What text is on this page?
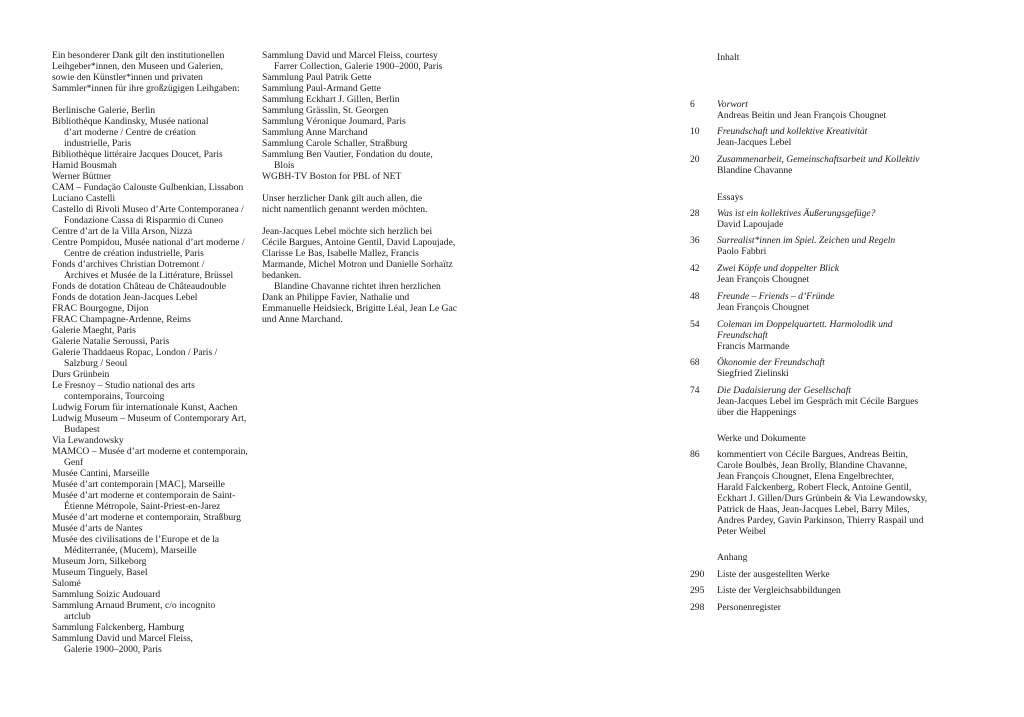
Ein besonderer Dank gilt den institutionellen
Leihgeber*innen, den Museen und Galerien,
sowie den Künstler*innen und privaten
Sammler*innen für ihre großzügigen Leihgaben:
Berlinische Galerie, Berlin
Bibliothèque Kandinsky, Musée national
d’art moderne / Centre de création
industrielle, Paris
Bibliothèque littéraire Jacques Doucet, Paris
Hamid Bousmah
Werner Büttner
CAM – Fundação Calouste Gulbenkian, Lissabon
Luciano Castelli
Castello di Rivoli Museo d’Arte Contemporanea /
Fondazione Cassa di Risparmio di Cuneo
Centre d’art de la Villa Arson, Nizza
Centre Pompidou, Musée national d’art moderne /
Centre de création industrielle, Paris
Fonds d’archives Christian Dotremont /
Archives et Musée de la Littérature, Brüssel
Fonds de dotation Château de Châteaudouble
Fonds de dotation Jean-Jacques Lebel
FRAC Bourgogne, Dijon
FRAC Champagne-Ardenne, Reims
Galerie Maeght, Paris
Galerie Natalie Seroussi, Paris
Galerie Thaddaeus Ropac, London / Paris /
Salzburg / Seoul
Durs Grünbein
Le Fresnoy – Studio national des arts
contemporains, Tourcoing
Ludwig Forum für internationale Kunst, Aachen
Ludwig Museum – Museum of Contemporary Art,
Budapest
Via Lewandowsky
MAMCO – Musée d’art moderne et contemporain,
Genf
Musée Cantini, Marseille
Musée d’art contemporain [MAC], Marseille
Musée d’art moderne et contemporain de Saint-
Étienne Métropole, Saint-Priest-en-Jarez
Musée d’art moderne et contemporain, Straßburg
Musée d’arts de Nantes
Musée des civilisations de l’Europe et de la
Méditerranée, (Mucem), Marseille
Museum Jorn, Silkeborg
Museum Tinguely, Basel
Salomé
Sammlung Soizic Audouard
Sammlung Arnaud Brument, c/o incognito
artclub
Sammlung Falckenberg, Hamburg
Sammlung David und Marcel Fleiss,
Galerie 1900–2000, Paris
Sammlung David und Marcel Fleiss, courtesy
Farrer Collection, Galerie 1900–2000, Paris
Sammlung Paul Patrik Gette
Sammlung Paul-Armand Gette
Sammlung Eckhart J. Gillen, Berlin
Sammlung Grässlin, St. Georgen
Sammlung Véronique Joumard, Paris
Sammlung Anne Marchand
Sammlung Carole Schaller, Straßburg
Sammlung Ben Vautier, Fondation du doute,
Blois
WGBH-TV Boston for PBL of NET
Unser herzlicher Dank gilt auch allen, die
nicht namentlich genannt werden möchten.
Jean-Jacques Lebel möchte sich herzlich bei
Cécile Bargues, Antoine Gentil, David Lapoujade,
Clarisse Le Bas, Isabelle Mallez, Francis
Marmande, Michel Motron und Danielle Sorhaïtz
bedanken.
Blandine Chavanne richtet ihren herzlichen
Dank an Philippe Favier, Nathalie und
Emmanuelle Heidsieck, Brigitte Léal, Jean Le Gac
und Anne Marchand.
Inhalt
6	Vorwort
Andreas Beitin und Jean François Chougnet
10	Freundschaft und kollektive Kreativität
Jean-Jacques Lebel
20	Zusammenarbeit, Gemeinschaftsarbeit und Kollektiv
Blandine Chavanne
Essays
28	Was ist ein kollektives Äußerungsgefüge?
David Lapoujade
36	Surrealist*innen im Spiel. Zeichen und Regeln
Paolo Fabbri
42	Zwei Köpfe und doppelter Blick
Jean François Chougnet
48	Freunde – Friends – d’Fründe
Jean François Chougnet
54	Coleman im Doppelquartett. Harmolodik und
Freundschaft
Francis Marmande
68	Ökonomie der Freundschaft
Siegfried Zielinski
74	Die Dadaisierung der Gesellschaft
Jean-Jacques Lebel im Gespräch mit Cécile Bargues
über die Happenings
Werke und Dokumente
86	kommentiert von Cécile Bargues, Andreas Beitin,
Carole Boulbès, Jean Brolly, Blandine Chavanne,
Jean François Chougnet, Elena Engelbrechter,
Harald Falckenberg, Robert Fleck, Antoine Gentil,
Eckhart J. Gillen/Durs Grünbein & Via Lewandowsky,
Patrick de Haas, Jean-Jacques Lebel, Barry Miles,
Andres Pardey, Gavin Parkinson, Thierry Raspail und
Peter Weibel
Anhang
290	Liste der ausgestellten Werke
295	Liste der Vergleichsabbildungen
298	Personenregister
